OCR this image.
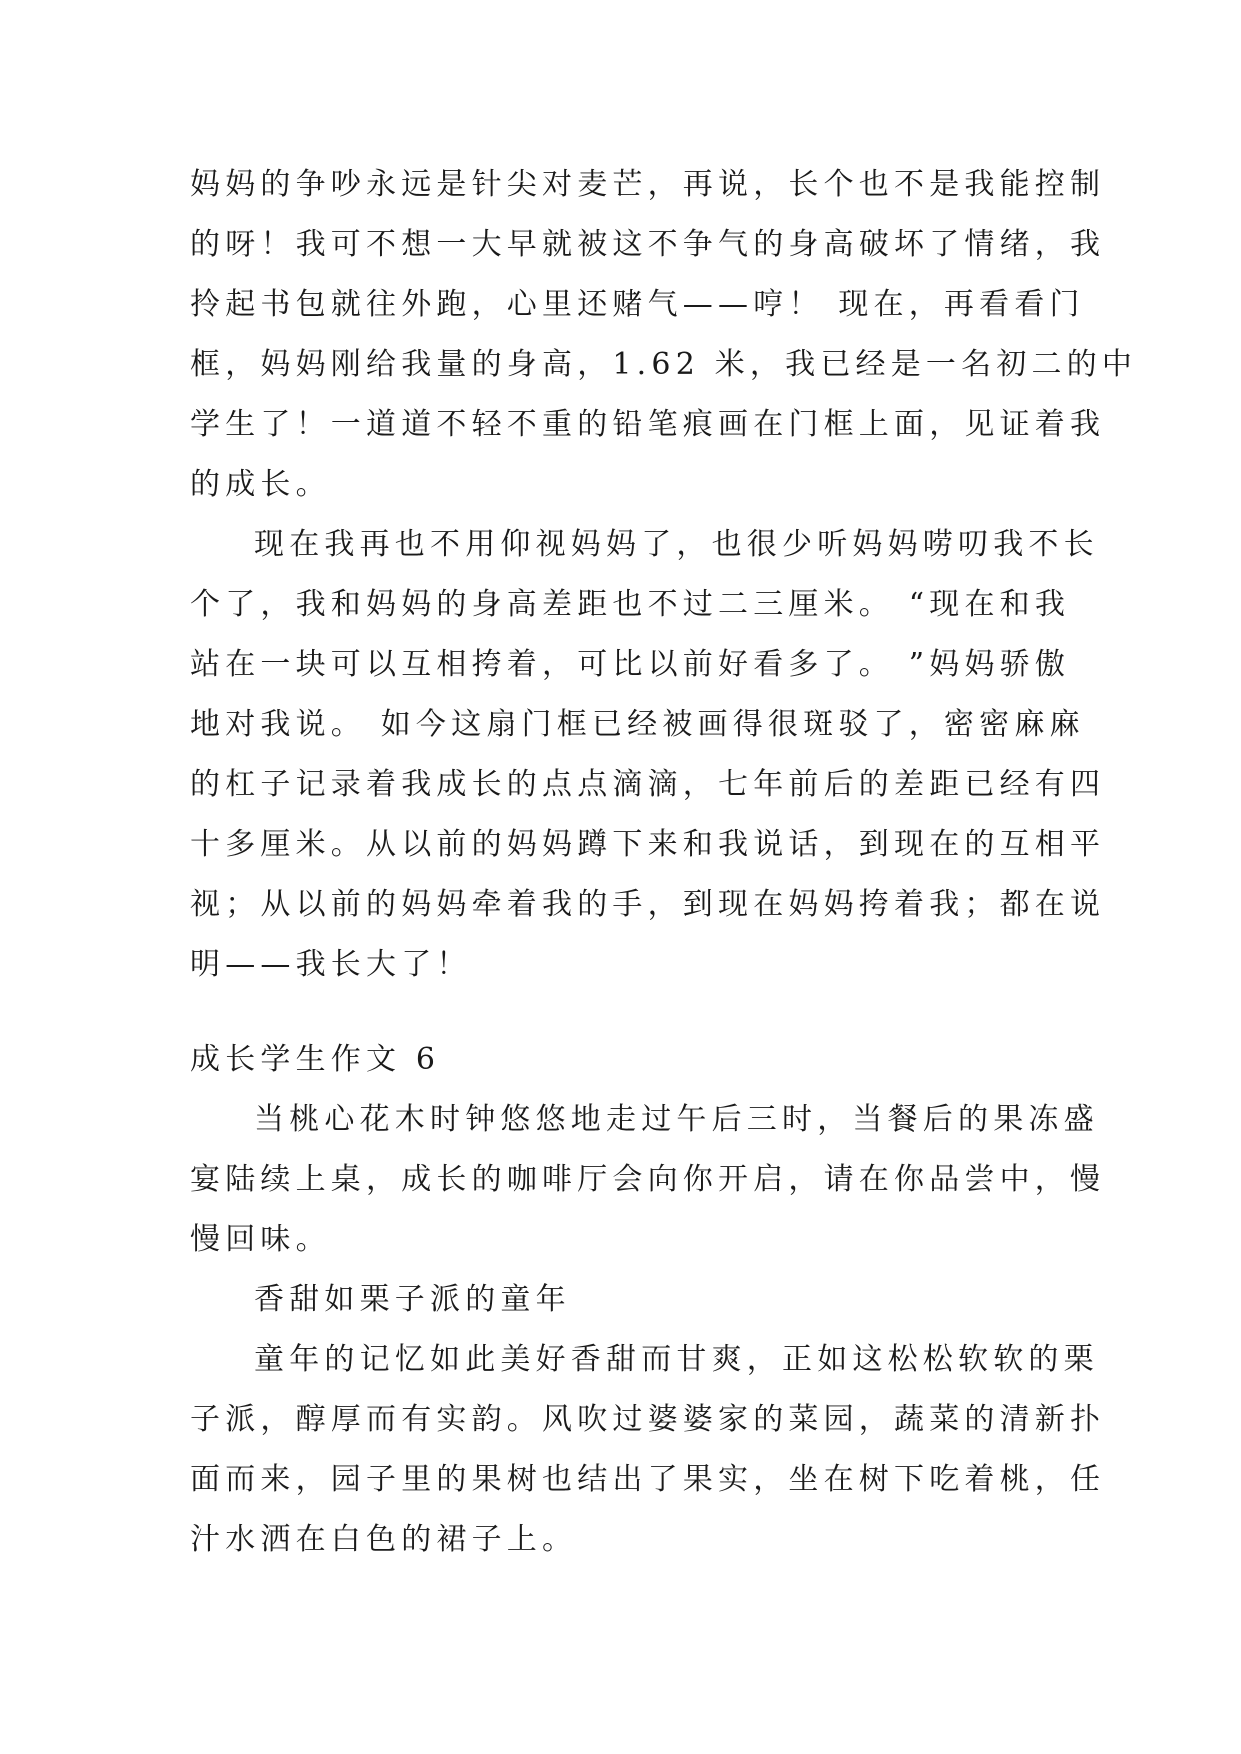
妈妈的争吵永远是针尖对麦芒，再说，长个也不是我能控制
的呀！我可不想一大早就被这不争气的身高破坏了情绪，我
拎起书包就往外跑，心里还赌气——哼！ 现在，再看看门
框，妈妈刚给我量的身高，1.62 米，我已经是一名初二的中
学生了！一道道不轻不重的铅笔痕画在门框上面，见证着我
的成长。
现在我再也不用仰视妈妈了，也很少听妈妈唠叨我不长
个了，我和妈妈的身高差距也不过二三厘米。 “现在和我
站在一块可以互相挎着，可比以前好看多了。 ”妈妈骄傲
地对我说。 如今这扇门框已经被画得很斑驳了，密密麻麻
的杠子记录着我成长的点点滴滴，七年前后的差距已经有四
十多厘米。从以前的妈妈蹲下来和我说话，到现在的互相平
视；从以前的妈妈牵着我的手，到现在妈妈挎着我；都在说
明——我长大了！
成长学生作文 6
当桃心花木时钟悠悠地走过午后三时，当餐后的果冻盛
宴陆续上桌，成长的咖啡厅会向你开启，请在你品尝中，慢
慢回味。
香甜如栗子派的童年
童年的记忆如此美好香甜而甘爽，正如这松松软软的栗
子派，醇厚而有实韵。风吹过婆婆家的菜园，蔬菜的清新扑
面而来，园子里的果树也结出了果实，坐在树下吃着桃，任
汁水洒在白色的裙子上。
